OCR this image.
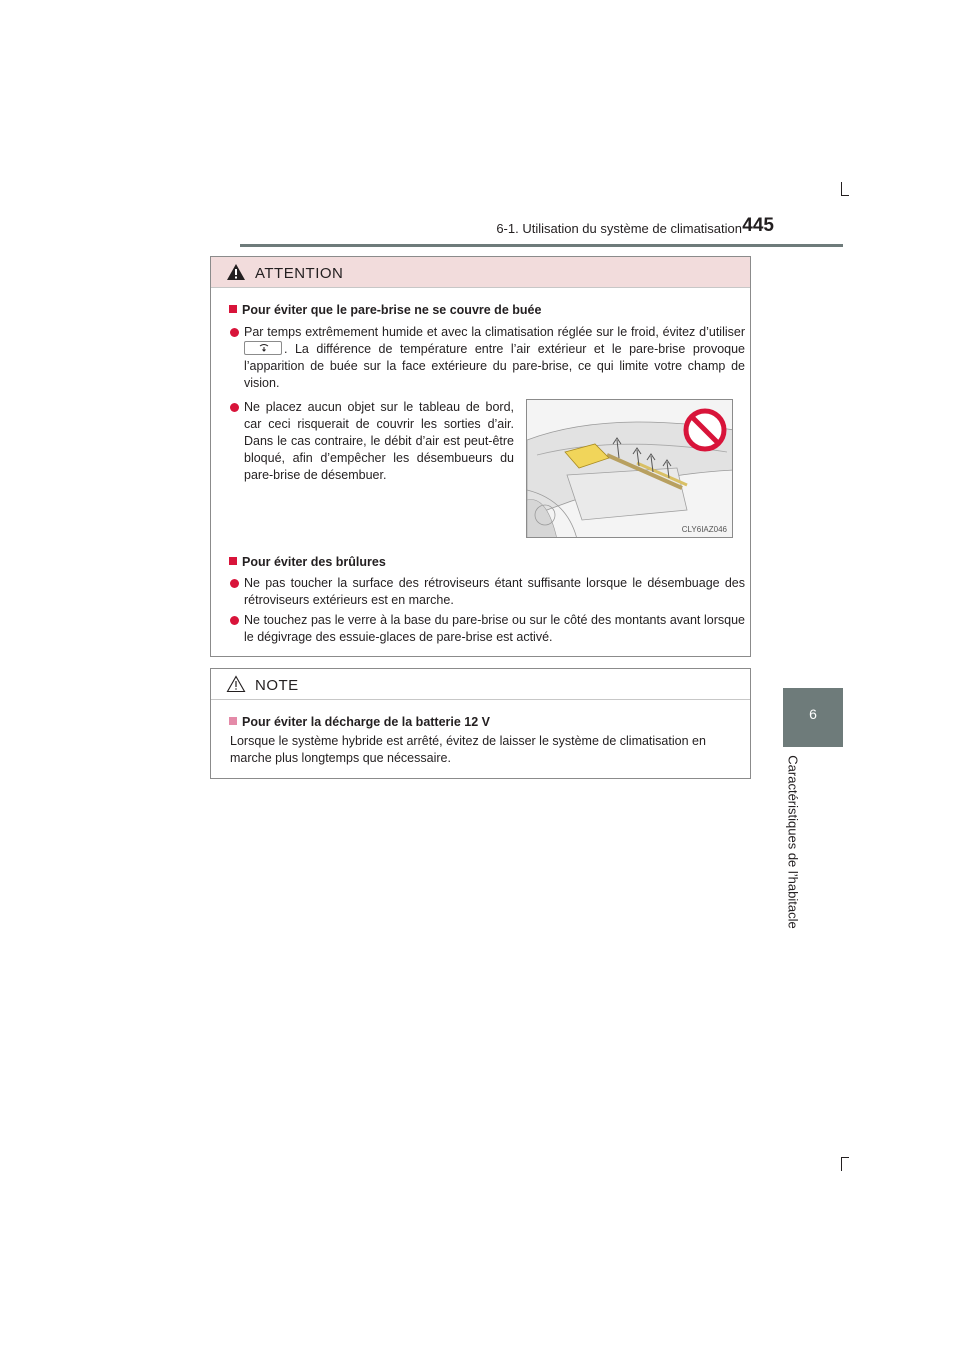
6-1. Utilisation du système de climatisation 445
6
Caractéristiques de l’habitacle
ATTENTION
Pour éviter que le pare-brise ne se couvre de buée
Par temps extrêmement humide et avec la climatisation réglée sur le froid, évitez d’utiliser
. La différence de température entre l’air extérieur et le pare-brise provoque l’apparition de buée sur la face extérieure du pare-brise, ce qui limite votre champ de vision.
Ne placez aucun objet sur le tableau de bord, car ceci risquerait de couvrir les sorties d’air. Dans le cas contraire, le débit d’air est peut-être bloqué, afin d’empêcher les désembueurs du pare-brise de désembuer.
Pour éviter des brûlures
Ne pas toucher la surface des rétroviseurs étant suffisante lorsque le désembuage des rétroviseurs extérieurs est en marche.
Ne touchez pas le verre à la base du pare-brise ou sur le côté des montants avant lorsque le dégivrage des essuie-glaces de pare-brise est activé.
CLY6IAZ046
NOTE
Pour éviter la décharge de la batterie 12 V
Lorsque le système hybride est arrêté, évitez de laisser le système de climatisation en marche plus longtemps que nécessaire.
